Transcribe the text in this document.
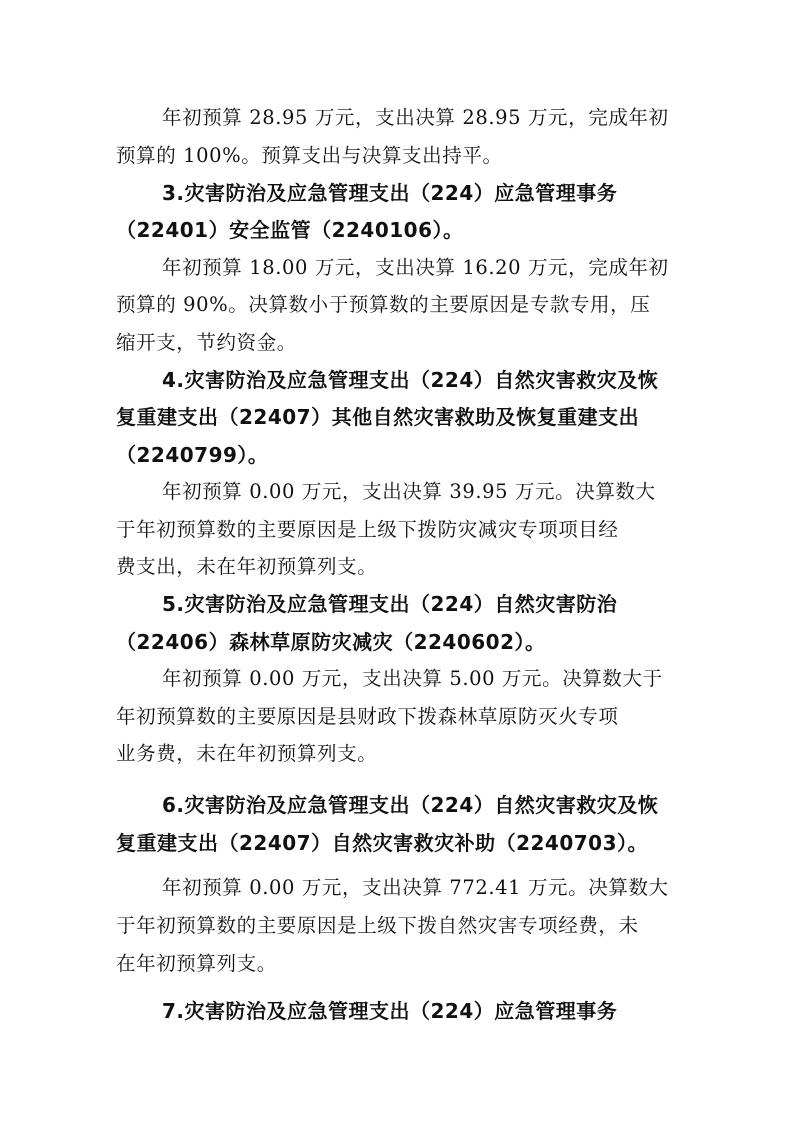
年初预算 28.95 万元，支出决算 28.95 万元，完成年初
预算的 100%。预算支出与决算支出持平。
3.灾害防治及应急管理支出（224）应急管理事务
（22401）安全监管（2240106）。
年初预算 18.00 万元，支出决算 16.20 万元，完成年初
预算的 90%。决算数小于预算数的主要原因是专款专用，压
缩开支，节约资金。
4.灾害防治及应急管理支出（224）自然灾害救灾及恢
复重建支出（22407）其他自然灾害救助及恢复重建支出
（2240799）。
年初预算 0.00 万元，支出决算 39.95 万元。决算数大
于年初预算数的主要原因是上级下拨防灾减灾专项项目经
费支出，未在年初预算列支。
5.灾害防治及应急管理支出（224）自然灾害防治
（22406）森林草原防灾减灾（2240602）。
年初预算 0.00 万元，支出决算 5.00 万元。决算数大于
年初预算数的主要原因是县财政下拨森林草原防灭火专项
业务费，未在年初预算列支。
6.灾害防治及应急管理支出（224）自然灾害救灾及恢
复重建支出（22407）自然灾害救灾补助（2240703）。
年初预算 0.00 万元，支出决算 772.41 万元。决算数大
于年初预算数的主要原因是上级下拨自然灾害专项经费，未
在年初预算列支。
7.灾害防治及应急管理支出（224）应急管理事务
